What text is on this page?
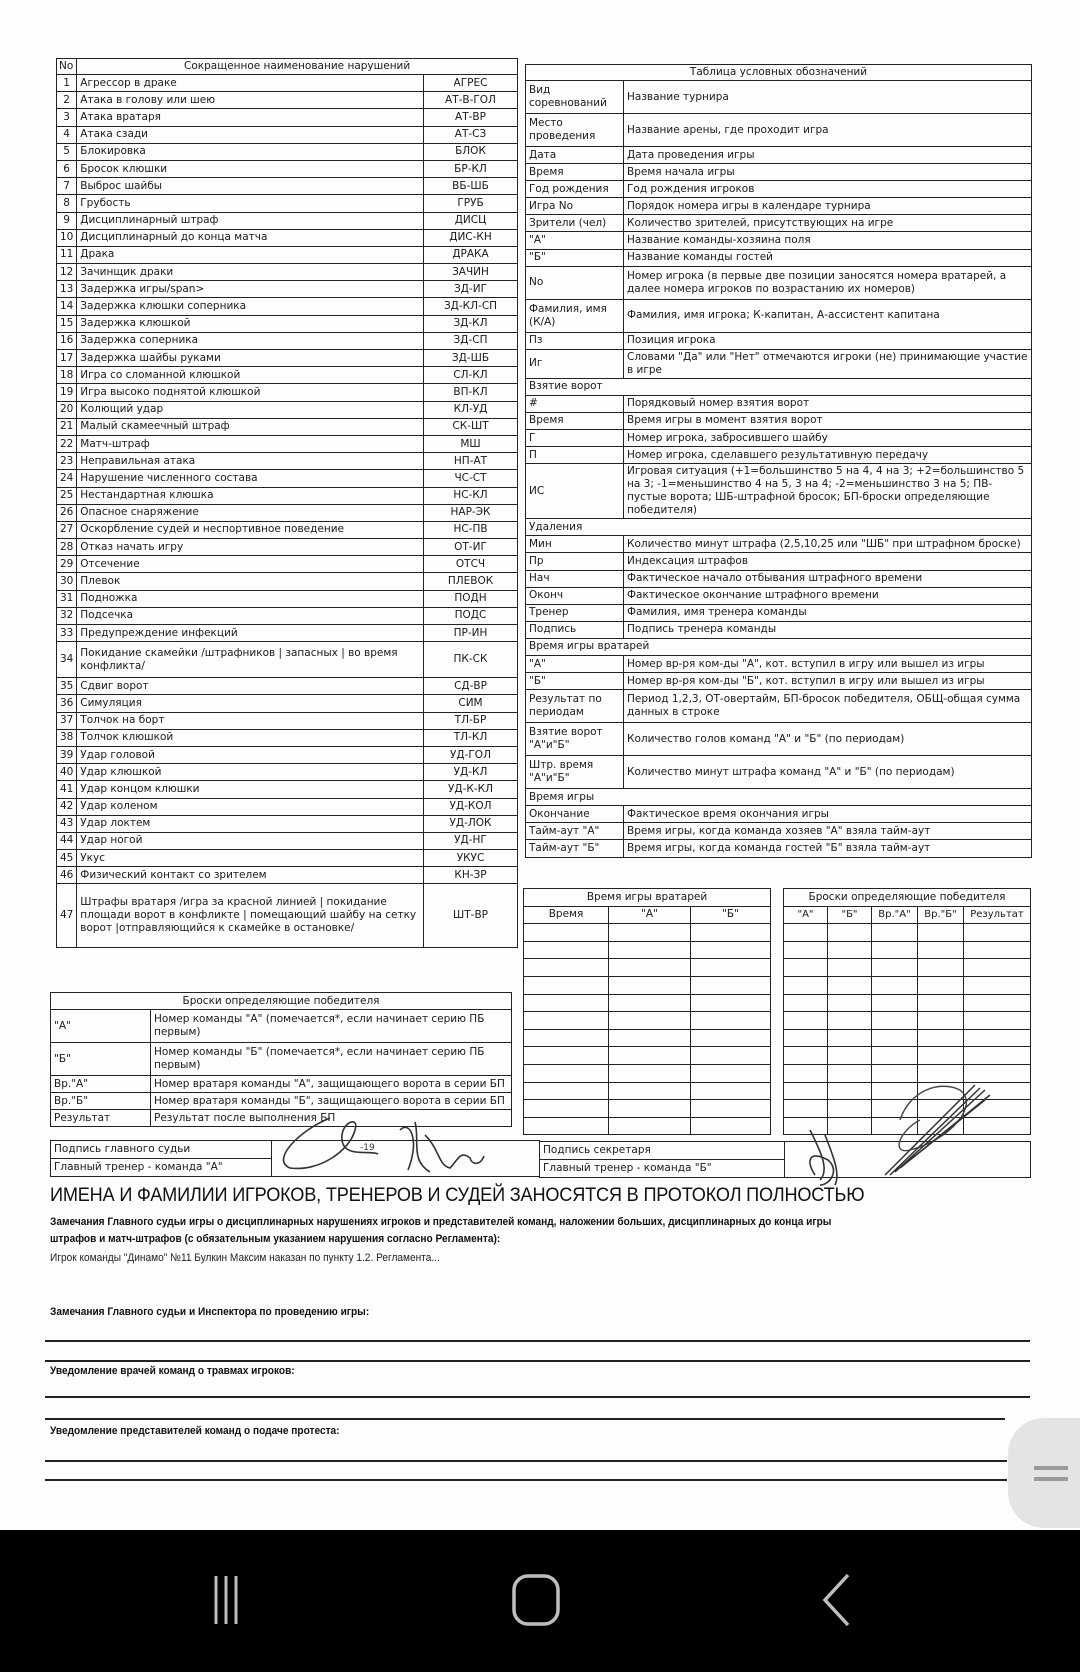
No	Сокращенное наименование нарушений	
1	Агрессор в драке	АГРЕС
2	Атака в голову или шею	АТ-В-ГОЛ
3	Атака вратаря	АТ-ВР
4	Атака сзади	АТ-СЗ
5	Блокировка	БЛОК
6	Бросок клюшки	БР-КЛ
7	Выброс шайбы	ВБ-ШБ
8	Грубость	ГРУБ
9	Дисциплинарный штраф	ДИСЦ
10	Дисциплинарный до конца матча	ДИС-КН
11	Драка	ДРАКА
12	Зачинщик драки	ЗАЧИН
13	Задержка игры/span>	ЗД-ИГ
14	Задержка клюшки соперника	ЗД-КЛ-СП
15	Задержка клюшкой	ЗД-КЛ
16	Задержка соперника	ЗД-СП
17	Задержка шайбы руками	ЗД-ШБ
18	Игра со сломанной клюшкой	СЛ-КЛ
19	Игра высоко поднятой клюшкой	ВП-КЛ
20	Колющий удар	КЛ-УД
21	Малый скамеечный штраф	СК-ШТ
22	Матч-штраф	МШ
23	Неправильная атака	НП-АТ
24	Нарушение численного состава	ЧС-СТ
25	Нестандартная клюшка	НС-КЛ
26	Опасное снаряжение	НАР-ЭК
27	Оскорбление судей и неспортивное поведение	НС-ПВ
28	Отказ начать игру	ОТ-ИГ
29	Отсечение	ОТСЧ
30	Плевок	ПЛЕВОК
31	Подножка	ПОДН
32	Подсечка	ПОДС
33	Предупреждение инфекций	ПР-ИН
34	Покидание скамейки /штрафников | запасных | во время конфликта/	ПК-СК
35	Сдвиг ворот	СД-ВР
36	Симуляция	СИМ
37	Толчок на борт	ТЛ-БР
38	Толчок клюшкой	ТЛ-КЛ
39	Удар головой	УД-ГОЛ
40	Удар клюшкой	УД-КЛ
41	Удар концом клюшки	УД-К-КЛ
42	Удар коленом	УД-КОЛ
43	Удар локтем	УД-ЛОК
44	Удар ногой	УД-НГ
45	Укус	УКУС
46	Физический контакт со зрителем	КН-ЗР
47	Штрафы вратаря /игра за красной линией | покидание площади ворот в конфликте | помещающий шайбу на сетку ворот |отправляющийся к скамейке в остановке/	ШТ-ВР
Таблица условных обозначений	
Вид соревнований	Название турнира
Место проведения	Название арены, где проходит игра
Дата	Дата проведения игры
Время	Время начала игры
Год рождения	Год рождения игроков
Игра No	Порядок номера игры в календаре турнира
Зрители (чел)	Количество зрителей, присутствующих на игре
"А"	Название команды-хозяина поля
"Б"	Название команды гостей
No	Номер игрока (в первые две позиции заносятся номера вратарей, а далее номера игроков по возрастанию их номеров)
Фамилия, имя (К/А)	Фамилия, имя игрока; К-капитан, А-ассистент капитана
Пз	Позиция игрока
Иг	Словами "Да" или "Нет" отмечаются игроки (не) принимающие участие в игре
Взятие ворот	
#	Порядковый номер взятия ворот
Время	Время игры в момент взятия ворот
Г	Номер игрока, забросившего шайбу
П	Номер игрока, сделавшего результативную передачу
ИС	Игровая ситуация (+1=большинство 5 на 4, 4 на 3; +2=большинство 5 на 3; -1=меньшинство 4 на 5, 3 на 4; -2=меньшинство 3 на 5; ПВ- пустые ворота; ШБ-штрафной бросок; БП-броски определяющие победителя)
Удаления	
Мин	Количество минут штрафа (2,5,10,25 или "ШБ" при штрафном броске)
Пр	Индексация штрафов
Нач	Фактическое начало отбывания штрафного времени
Оконч	Фактическое окончание штрафного времени
Тренер	Фамилия, имя тренера команды
Подпись	Подпись тренера команды
Время игры вратарей	
"А"	Номер вр-ря ком-ды "А", кот. вступил в игру или вышел из игры
"Б"	Номер вр-ря ком-ды "Б", кот. вступил в игру или вышел из игры
Результат по периодам	Период 1,2,3, ОТ-овертайм, БП-бросок победителя, ОБЩ-общая сумма данных в строке
Взятие ворот "А"и"Б"	Количество голов команд "А" и "Б" (по периодам)
Штр. время "А"и"Б"	Количество минут штрафа команд "А" и "Б" (по периодам)
Время игры	
Окончание	Фактическое время окончания игры
Тайм-аут "А"	Время игры, когда команда хозяев "А" взяла тайм-аут
Тайм-аут "Б"	Время игры, когда команда гостей "Б" взяла тайм-аут
Время игры вратарей		
Время	"А"	"Б"

Броски определяющие победителя				
"А"	"Б"	Вр."А"	Вр."Б"	Результат

Броски определяющие победителя	
"А"	Номер команды "А" (помечается*, если начинает серию ПБ первым)
"Б"	Номер команды "Б" (помечается*, если начинает серию ПБ первым)
Вр."А"	Номер вратаря команды "А", защищающего ворота в серии БП
Вр."Б"	Номер вратаря команды "Б", защищающего ворота в серии БП
Результат	Результат после выполнения БП
Подпись главного судьи	
Главный тренер - команда "А"
Подпись секретаря	
Главный тренер - команда "Б"
‑19
ИМЕНА И ФАМИЛИИ ИГРОКОВ, ТРЕНЕРОВ И СУДЕЙ ЗАНОСЯТСЯ В ПРОТОКОЛ ПОЛНОСТЬЮ
Замечания Главного судьи игры о дисциплинарных нарушениях игроков и представителей команд, наложении больших, дисциплинарных до конца игры
штрафов и матч-штрафов (с обязательным указанием нарушения согласно Регламента):
Игрок команды "Динамо" №11 Булкин Максим наказан по пункту 1.2. Регламента...
Замечания Главного судьи и Инспектора по проведению игры:
Уведомление врачей команд о травмах игроков:
Уведомление представителей команд о подаче протеста:
